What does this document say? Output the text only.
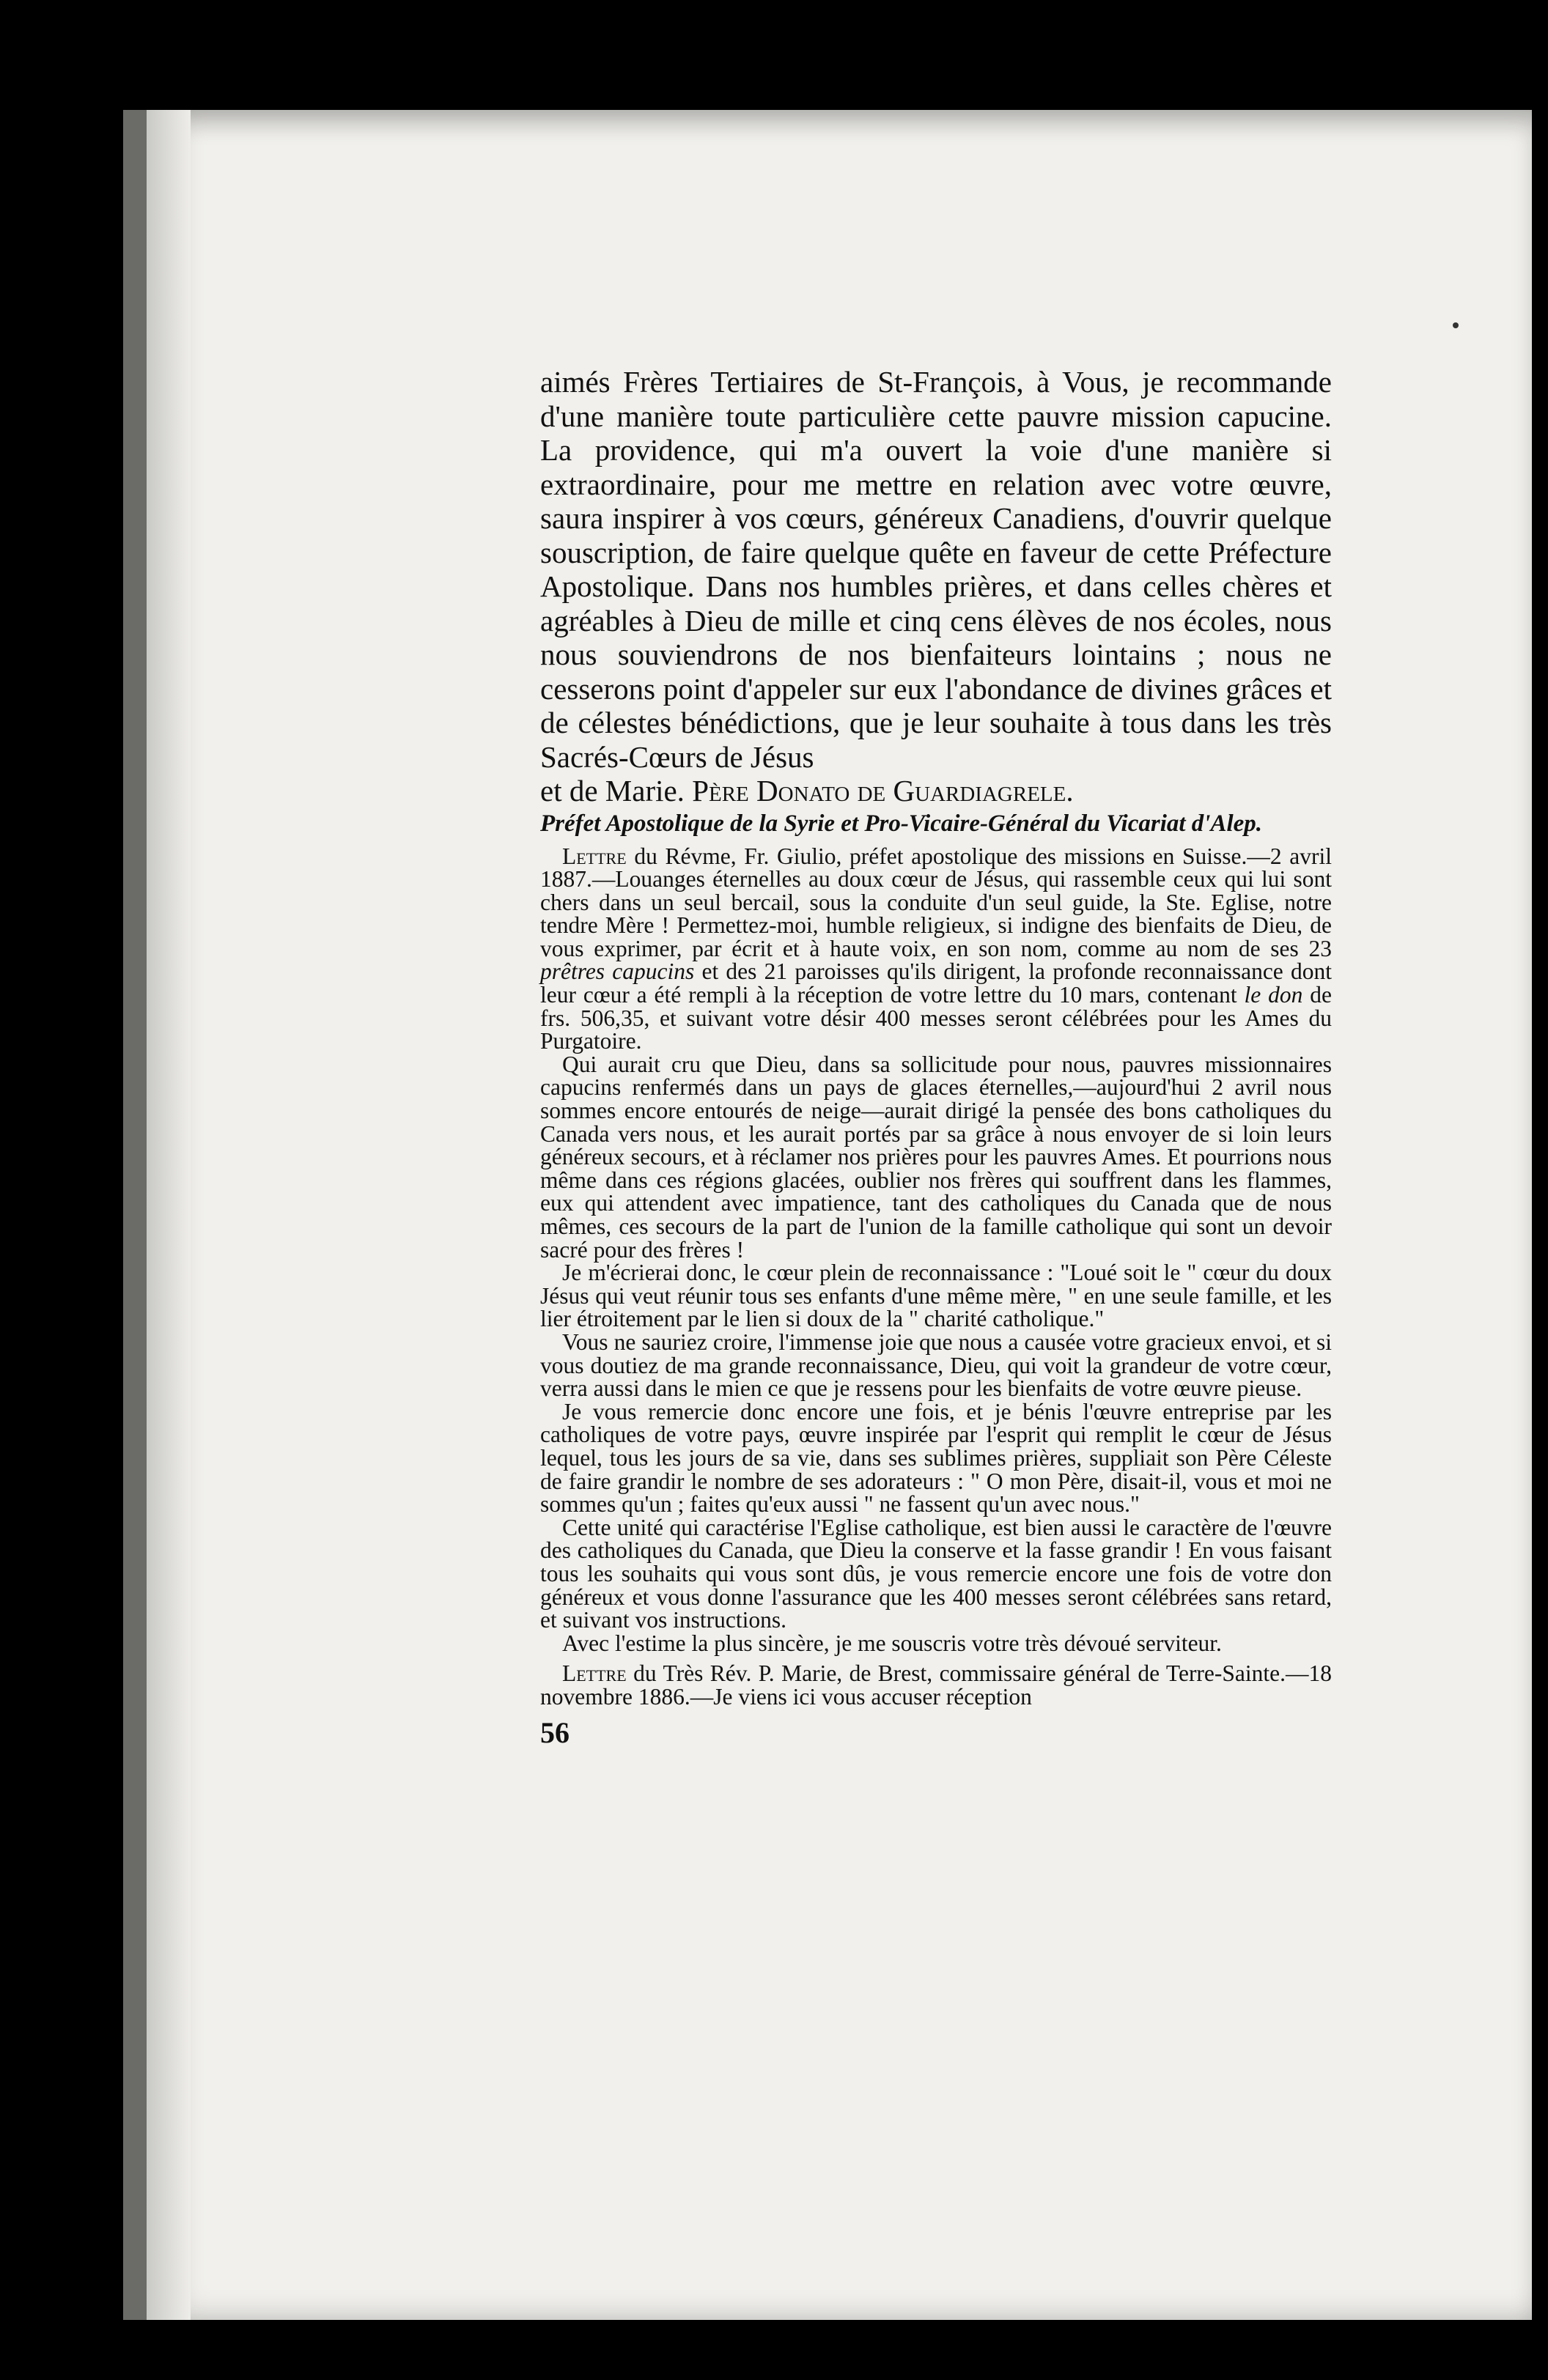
aimés Frères Tertiaires de St-François, à Vous, je recommande d'une manière toute particulière cette pauvre mission capucine. La providence, qui m'a ouvert la voie d'une manière si extraordinaire, pour me mettre en relation avec votre œuvre, saura inspirer à vos cœurs, généreux Canadiens, d'ouvrir quelque souscription, de faire quelque quête en faveur de cette Préfecture Apostolique. Dans nos humbles prières, et dans celles chères et agréables à Dieu de mille et cinq cens élèves de nos écoles, nous nous souviendrons de nos bienfaiteurs lointains ; nous ne cesserons point d'appeler sur eux l'abondance de divines grâces et de célestes bénédictions, que je leur souhaite à tous dans les très Sacrés-Cœurs de Jésus

et de Marie. Père Donato de Guardiagrele.

Préfet Apostolique de la Syrie et Pro-Vicaire-Général du Vicariat d'Alep.

Lettre du Révme, Fr. Giulio, préfet apostolique des missions en Suisse.—2 avril 1887.—Louanges éternelles au doux cœur de Jésus, qui rassemble ceux qui lui sont chers dans un seul bercail, sous la conduite d'un seul guide, la Ste. Eglise, notre tendre Mère ! Permettez-moi, humble religieux, si indigne des bienfaits de Dieu, de vous exprimer, par écrit et à haute voix, en son nom, comme au nom de ses 23 prêtres capucins et des 21 paroisses qu'ils dirigent, la profonde reconnaissance dont leur cœur a été rempli à la réception de votre lettre du 10 mars, contenant le don de frs. 506,35, et suivant votre désir 400 messes seront célébrées pour les Ames du Purgatoire.

Qui aurait cru que Dieu, dans sa sollicitude pour nous, pauvres missionnaires capucins renfermés dans un pays de glaces éternelles,—aujourd'hui 2 avril nous sommes encore entourés de neige—aurait dirigé la pensée des bons catholiques du Canada vers nous, et les aurait portés par sa grâce à nous envoyer de si loin leurs généreux secours, et à réclamer nos prières pour les pauvres Ames. Et pourrions nous même dans ces régions glacées, oublier nos frères qui souffrent dans les flammes, eux qui attendent avec impatience, tant des catholiques du Canada que de nous mêmes, ces secours de la part de l'union de la famille catholique qui sont un devoir sacré pour des frères !

Je m'écrierai donc, le cœur plein de reconnaissance : "Loué soit le " cœur du doux Jésus qui veut réunir tous ses enfants d'une même mère, " en une seule famille, et les lier étroitement par le lien si doux de la " charité catholique."

Vous ne sauriez croire, l'immense joie que nous a causée votre gracieux envoi, et si vous doutiez de ma grande reconnaissance, Dieu, qui voit la grandeur de votre cœur, verra aussi dans le mien ce que je ressens pour les bienfaits de votre œuvre pieuse.

Je vous remercie donc encore une fois, et je bénis l'œuvre entreprise par les catholiques de votre pays, œuvre inspirée par l'esprit qui remplit le cœur de Jésus lequel, tous les jours de sa vie, dans ses sublimes prières, suppliait son Père Céleste de faire grandir le nombre de ses adorateurs : " O mon Père, disait-il, vous et moi ne sommes qu'un ; faites qu'eux aussi " ne fassent qu'un avec nous."

Cette unité qui caractérise l'Eglise catholique, est bien aussi le caractère de l'œuvre des catholiques du Canada, que Dieu la conserve et la fasse grandir ! En vous faisant tous les souhaits qui vous sont dûs, je vous remercie encore une fois de votre don généreux et vous donne l'assurance que les 400 messes seront célébrées sans retard, et suivant vos instructions.

Avec l'estime la plus sincère, je me souscris votre très dévoué serviteur.

Lettre du Très Rév. P. Marie, de Brest, commissaire général de Terre-Sainte.—18 novembre 1886.—Je viens ici vous accuser réception

56
